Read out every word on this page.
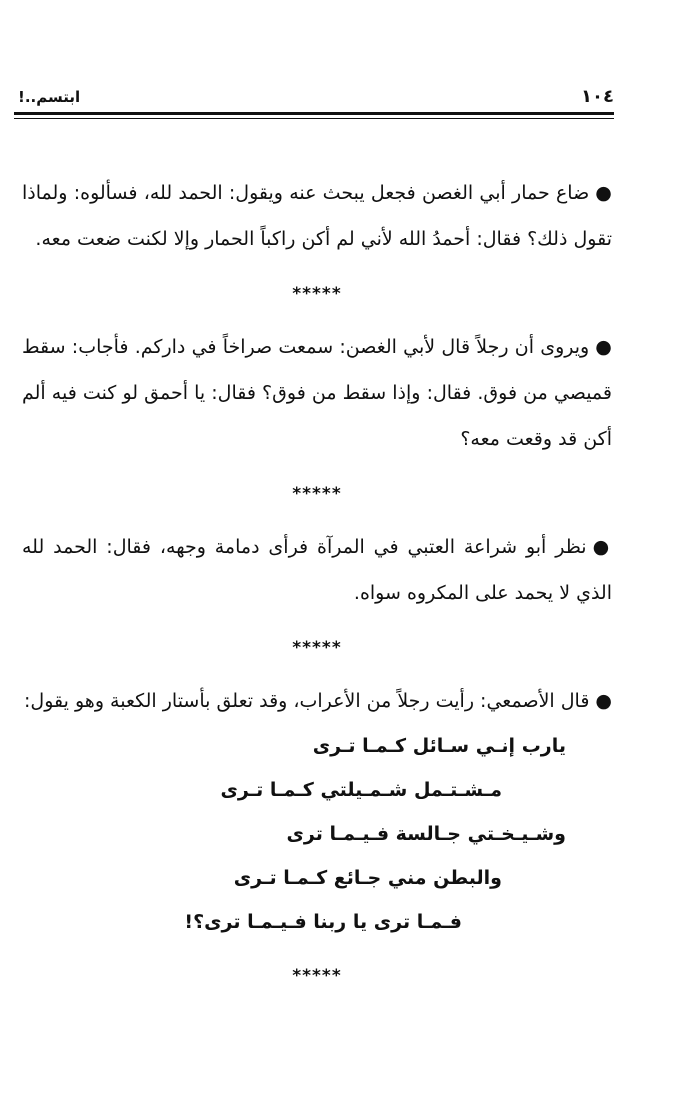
١٠٤
ابتسم..!

●ضاع حمار أبي الغصن فجعل يبحث عنه ويقول: الحمد لله، فسألوه: ولماذا تقول ذلك؟ فقال: أحمدُ الله لأني لم أكن راكباً الحمار وإلا لكنت ضعت معه.

*****

●ويروى أن رجلاً قال لأبي الغصن: سمعت صراخاً في داركم. فأجاب: سقط قميصي من فوق. فقال: وإذا سقط من فوق؟ فقال: يا أحمق لو كنت فيه ألم أكن قد وقعت معه؟

*****

●نظر أبو شراعة العتبي في المرآة فرأى دمامة وجهه، فقال: الحمد لله الذي لا يحمد على المكروه سواه.

*****

●قال الأصمعي: رأيت رجلاً من الأعراب، وقد تعلق بأستار الكعبة وهو يقول:

يارب إنـي سـائل كـمـا تـرى
مـشـتـمل شـمـيلتي كـمـا تـرى
وشـيـخـتي جـالسة فـيـمـا ترى
والبطن مني جـائع كـمـا تـرى
فـمـا ترى يا ربنا فـيـمـا ترى؟!
*****
